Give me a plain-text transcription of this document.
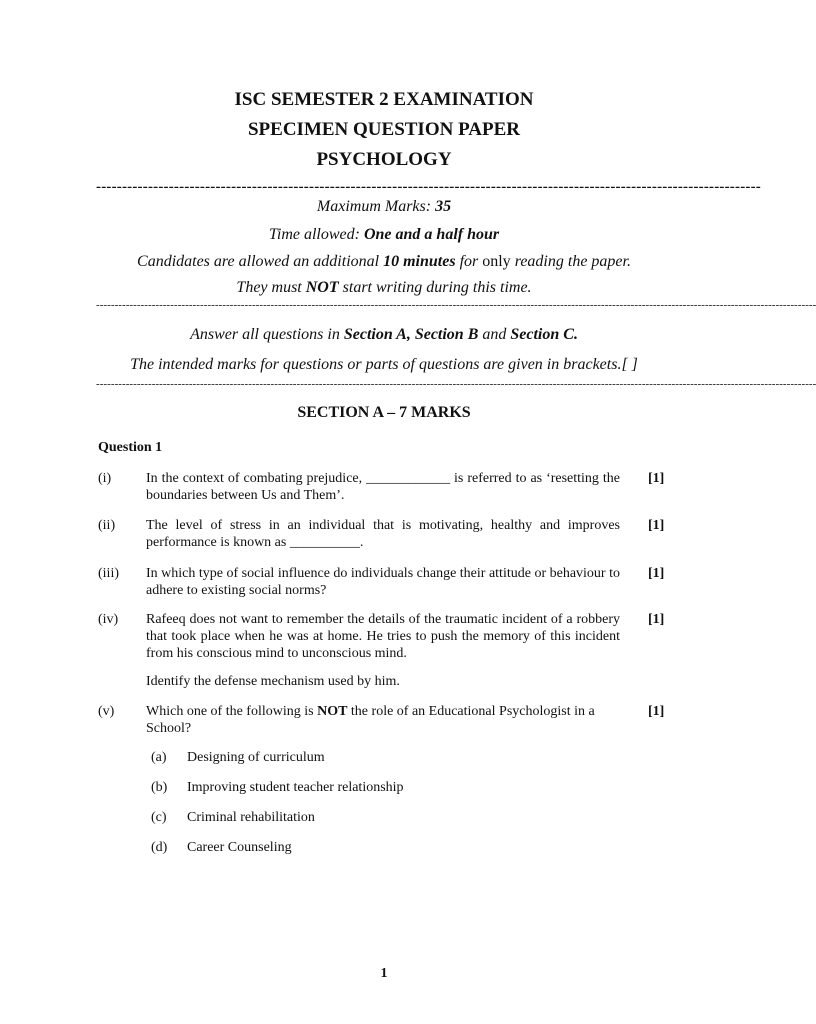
ISC SEMESTER 2 EXAMINATION
SPECIMEN QUESTION PAPER
PSYCHOLOGY
--------------------------------------------------------------------------------------------------------------------------------
Maximum Marks: 35
Time allowed: One and a half hour
Candidates are allowed an additional 10 minutes for only reading the paper.
They must NOT start writing during this time.
--------------------------------------------------------------------------------------------------------------------------------------------------------------------------------------------------
Answer all questions in Section A, Section B and Section C.
The intended marks for questions or parts of questions are given in brackets.[ ]
--------------------------------------------------------------------------------------------------------------------------------------------------------------------------------------------------
SECTION A – 7 MARKS
Question 1
(i) In the context of combating prejudice, ____________ is referred to as ‘resetting the boundaries between Us and Them’.
[1]
(ii) The level of stress in an individual that is motivating, healthy and improves performance is known as __________.
[1]
(iii) In which type of social influence do individuals change their attitude or behaviour to adhere to existing social norms?
[1]
(iv) Rafeeq does not want to remember the details of the traumatic incident of a robbery that took place when he was at home. He tries to push the memory of this incident from his conscious mind to unconscious mind.
[1]
Identify the defense mechanism used by him.
(v) Which one of the following is NOT the role of an Educational Psychologist in a School?
[1]
(a) Designing of curriculum
(b) Improving student teacher relationship
(c) Criminal rehabilitation
(d) Career Counseling
1
